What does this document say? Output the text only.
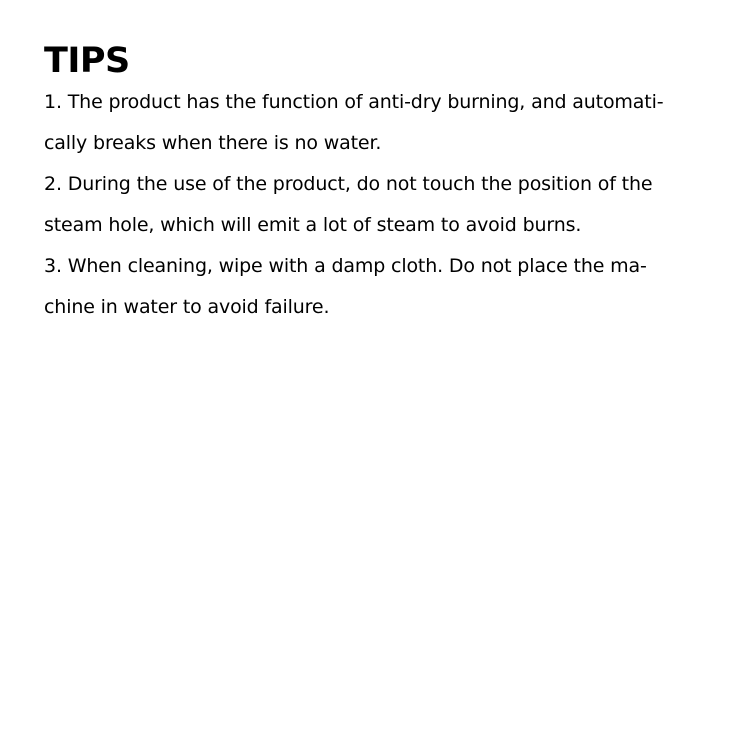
TIPS
1. The product has the function of anti-dry burning, and automati-
cally breaks when there is no water.
2. During the use of the product, do not touch the position of the
steam hole, which will emit a lot of steam to avoid burns.
3. When cleaning, wipe with a damp cloth. Do not place the ma-
chine in water to avoid failure.
